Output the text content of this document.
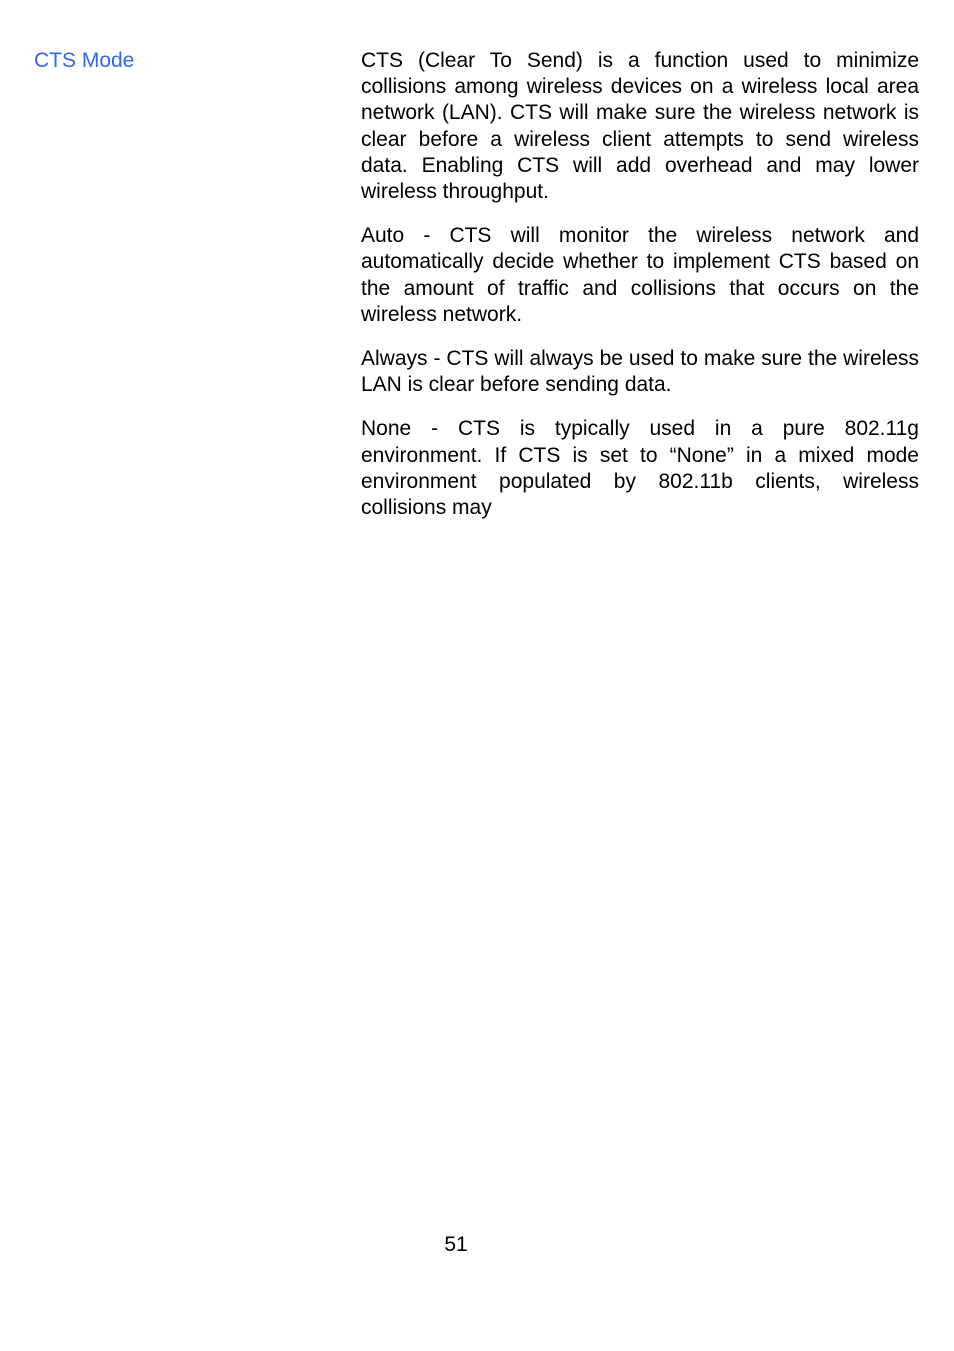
CTS Mode	CTS (Clear To Send) is a function used to minimize collisions among wireless devices on a wireless local area network (LAN). CTS will make sure the wireless network is clear before a wireless client attempts to send wireless data. Enabling CTS will add overhead and may lower wireless throughput.

Auto - CTS will monitor the wireless network and automatically decide whether to implement CTS based on the amount of traffic and collisions that occurs on the wireless network.

Always - CTS will always be used to make sure the wireless LAN is clear before sending data.

None - CTS is typically used in a pure 802.11g environment. If CTS is set to “None” in a mixed mode environment populated by 802.11b clients, wireless collisions may

51
